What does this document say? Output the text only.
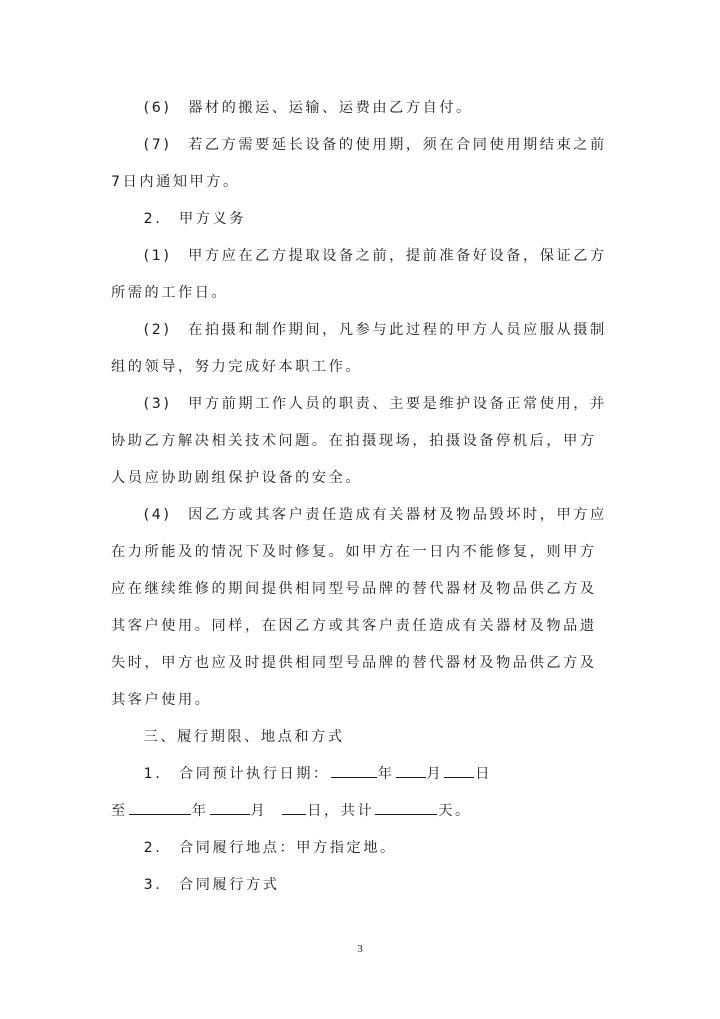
(6)　器材的搬运、运输、运费由乙方自付。

(7)　若乙方需要延长设备的使用期，须在合同使用期结束之前7日内通知甲方。

2.　甲方义务

(1)　甲方应在乙方提取设备之前，提前准备好设备，保证乙方所需的工作日。

(2)　在拍摄和制作期间，凡参与此过程的甲方人员应服从摄制组的领导，努力完成好本职工作。

(3)　甲方前期工作人员的职责、主要是维护设备正常使用，并协助乙方解决相关技术问题。在拍摄现场，拍摄设备停机后，甲方人员应协助剧组保护设备的安全。

(4)　因乙方或其客户责任造成有关器材及物品毁坏时，甲方应在力所能及的情况下及时修复。如甲方在一日内不能修复，则甲方应在继续维修的期间提供相同型号品牌的替代器材及物品供乙方及其客户使用。同样，在因乙方或其客户责任造成有关器材及物品遗失时，甲方也应及时提供相同型号品牌的替代器材及物品供乙方及其客户使用。

三、履行期限、地点和方式

1.　合同预计执行日期：	年 月 日

至	年	月	日，共计	天。

2.　合同履行地点：甲方指定地。

3.　合同履行方式

3
